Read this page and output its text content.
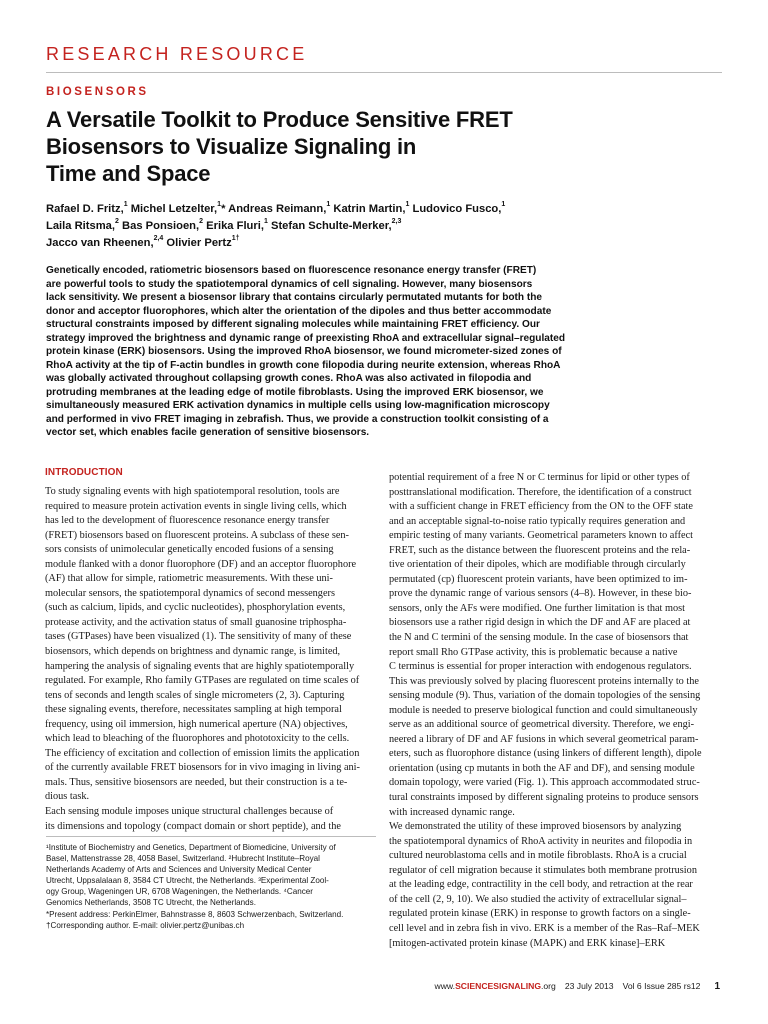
RESEARCH RESOURCE
BIOSENSORS
A Versatile Toolkit to Produce Sensitive FRET
Biosensors to Visualize Signaling in
Time and Space
Rafael D. Fritz,$^1$ Michel Letzelter,$^1$* Andreas Reimann,$^1$ Katrin Martin,$^1$ Ludovico Fusco,$^1$
Laila Ritsma,$^2$ Bas Ponsioen,$^2$ Erika Fluri,$^1$ Stefan Schulte-Merker,$^{2,3}$
Jacco van Rheenen,$^{2,4}$ Olivier Pertz$^{1\dagger}$
Genetically encoded, ratiometric biosensors based on fluorescence resonance energy transfer (FRET)
are powerful tools to study the spatiotemporal dynamics of cell signaling. However, many biosensors
lack sensitivity. We present a biosensor library that contains circularly permutated mutants for both the
donor and acceptor fluorophores, which alter the orientation of the dipoles and thus better accommodate
structural constraints imposed by different signaling molecules while maintaining FRET efficiency. Our
strategy improved the brightness and dynamic range of preexisting RhoA and extracellular signal–regulated
protein kinase (ERK) biosensors. Using the improved RhoA biosensor, we found micrometer-sized zones of
RhoA activity at the tip of F-actin bundles in growth cone filopodia during neurite extension, whereas RhoA
was globally activated throughout collapsing growth cones. RhoA was also activated in filopodia and
protruding membranes at the leading edge of motile fibroblasts. Using the improved ERK biosensor, we
simultaneously measured ERK activation dynamics in multiple cells using low-magnification microscopy
and performed in vivo FRET imaging in zebrafish. Thus, we provide a construction toolkit consisting of a
vector set, which enables facile generation of sensitive biosensors.
INTRODUCTION
To study signaling events with high spatiotemporal resolution, tools are
required to measure protein activation events in single living cells, which
has led to the development of fluorescence resonance energy transfer
(FRET) biosensors based on fluorescent proteins. A subclass of these sen-
sors consists of unimolecular genetically encoded fusions of a sensing
module flanked with a donor fluorophore (DF) and an acceptor fluorophore
(AF) that allow for simple, ratiometric measurements. With these uni-
molecular sensors, the spatiotemporal dynamics of second messengers
(such as calcium, lipids, and cyclic nucleotides), phosphorylation events,
protease activity, and the activation status of small guanosine triphospha-
tases (GTPases) have been visualized (1). The sensitivity of many of these
biosensors, which depends on brightness and dynamic range, is limited,
hampering the analysis of signaling events that are highly spatiotemporally
regulated. For example, Rho family GTPases are regulated on time scales of
tens of seconds and length scales of single micrometers (2, 3). Capturing
these signaling events, therefore, necessitates sampling at high temporal
frequency, using oil immersion, high numerical aperture (NA) objectives,
which lead to bleaching of the fluorophores and phototoxicity to the cells.
The efficiency of excitation and collection of emission limits the application
of the currently available FRET biosensors for in vivo imaging in living ani-
mals. Thus, sensitive biosensors are needed, but their construction is a te-
dious task.
Each sensing module imposes unique structural challenges because of
its dimensions and topology (compact domain or short peptide), and the
potential requirement of a free N or C terminus for lipid or other types of
posttranslational modification. Therefore, the identification of a construct
with a sufficient change in FRET efficiency from the ON to the OFF state
and an acceptable signal-to-noise ratio typically requires generation and
empiric testing of many variants. Geometrical parameters known to affect
FRET, such as the distance between the fluorescent proteins and the rela-
tive orientation of their dipoles, which are modifiable through circularly
permutated (cp) fluorescent protein variants, have been optimized to im-
prove the dynamic range of various sensors (4–8). However, in these bio-
sensors, only the AFs were modified. One further limitation is that most
biosensors use a rather rigid design in which the DF and AF are placed at
the N and C termini of the sensing module. In the case of biosensors that
report small Rho GTPase activity, this is problematic because a native
C terminus is essential for proper interaction with endogenous regulators.
This was previously solved by placing fluorescent proteins internally to the
sensing module (9). Thus, variation of the domain topologies of the sensing
module is needed to preserve biological function and could simultaneously
serve as an additional source of geometrical diversity. Therefore, we engi-
neered a library of DF and AF fusions in which several geometrical param-
eters, such as fluorophore distance (using linkers of different length), dipole
orientation (using cp mutants in both the AF and DF), and sensing module
domain topology, were varied (Fig. 1). This approach accommodated struc-
tural constraints imposed by different signaling proteins to produce sensors
with increased dynamic range.
We demonstrated the utility of these improved biosensors by analyzing
the spatiotemporal dynamics of RhoA activity in neurites and filopodia in
cultured neuroblastoma cells and in motile fibroblasts. RhoA is a crucial
regulator of cell migration because it stimulates both membrane protrusion
at the leading edge, contractility in the cell body, and retraction at the rear
of the cell (2, 9, 10). We also studied the activity of extracellular signal–
regulated protein kinase (ERK) in response to growth factors on a single-
cell level and in zebra fish in vivo. ERK is a member of the Ras–Raf–MEK
[mitogen-activated protein kinase (MAPK) and ERK kinase]–ERK
¹Institute of Biochemistry and Genetics, Department of Biomedicine, University of
Basel, Mattenstrasse 28, 4058 Basel, Switzerland. ²Hubrecht Institute–Royal
Netherlands Academy of Arts and Sciences and University Medical Center
Utrecht, Uppsalalaan 8, 3584 CT Utrecht, the Netherlands. ³Experimental Zool-
ogy Group, Wageningen UR, 6708 Wageningen, the Netherlands. ⁴Cancer
Genomics Netherlands, 3508 TC Utrecht, the Netherlands.
*Present address: PerkinElmer, Bahnstrasse 8, 8603 Schwerzenbach, Switzerland.
†Corresponding author. E-mail: olivier.pertz@unibas.ch
www.SCIENCESIGNALING.org 23 July 2013 Vol 6 Issue 285 rs12 1
